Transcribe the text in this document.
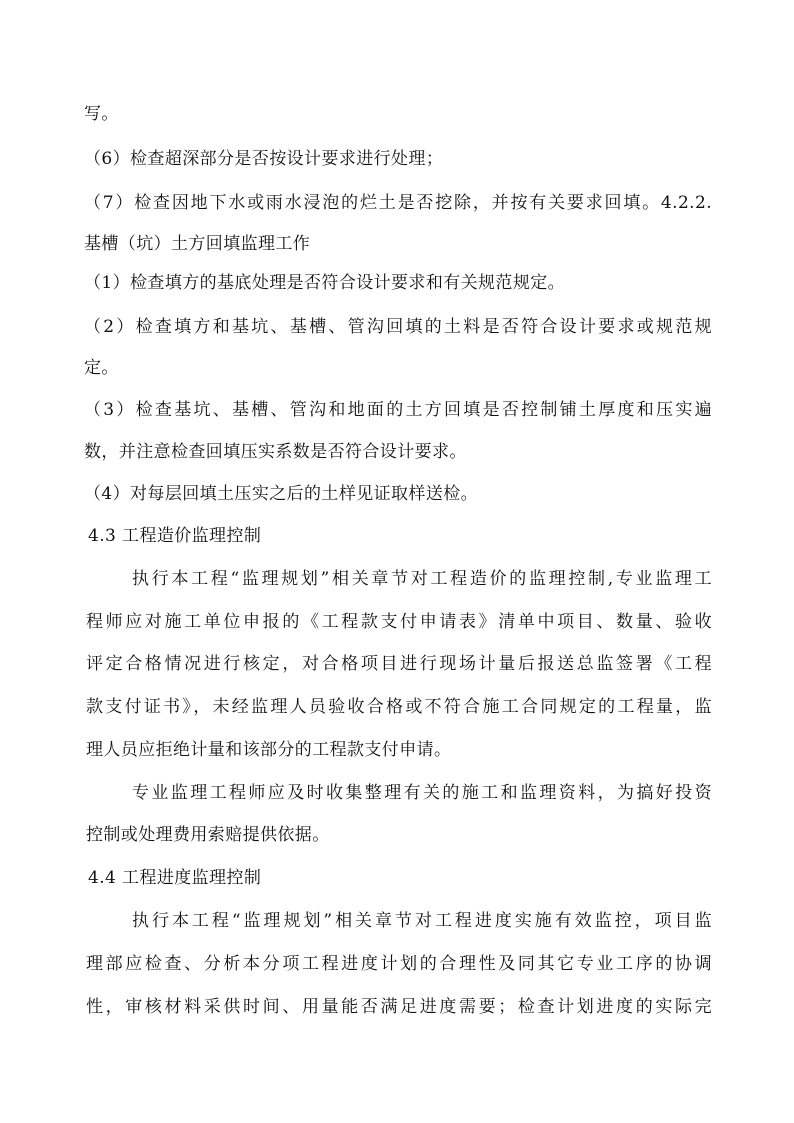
写。
（6）检查超深部分是否按设计要求进行处理；
（7）检查因地下水或雨水浸泡的烂土是否挖除，并按有关要求回填。4.2.2.
基槽（坑）土方回填监理工作
（1）检查填方的基底处理是否符合设计要求和有关规范规定。
（2）检查填方和基坑、基槽、管沟回填的土料是否符合设计要求或规范规
定。
（3）检查基坑、基槽、管沟和地面的土方回填是否控制铺土厚度和压实遍
数，并注意检查回填压实系数是否符合设计要求。
（4）对每层回填土压实之后的土样见证取样送检。
4.3 工程造价监理控制
执行本工程“监理规划”相关章节对工程造价的监理控制,专业监理工
程师应对施工单位申报的《工程款支付申请表》清单中项目、数量、验收
评定合格情况进行核定，对合格项目进行现场计量后报送总监签署《工程
款支付证书》，未经监理人员验收合格或不符合施工合同规定的工程量，监
理人员应拒绝计量和该部分的工程款支付申请。
专业监理工程师应及时收集整理有关的施工和监理资料，为搞好投资
控制或处理费用索赔提供依据。
4.4 工程进度监理控制
执行本工程“监理规划”相关章节对工程进度实施有效监控，项目监
理部应检查、分析本分项工程进度计划的合理性及同其它专业工序的协调
性，审核材料采供时间、用量能否满足进度需要；检查计划进度的实际完
